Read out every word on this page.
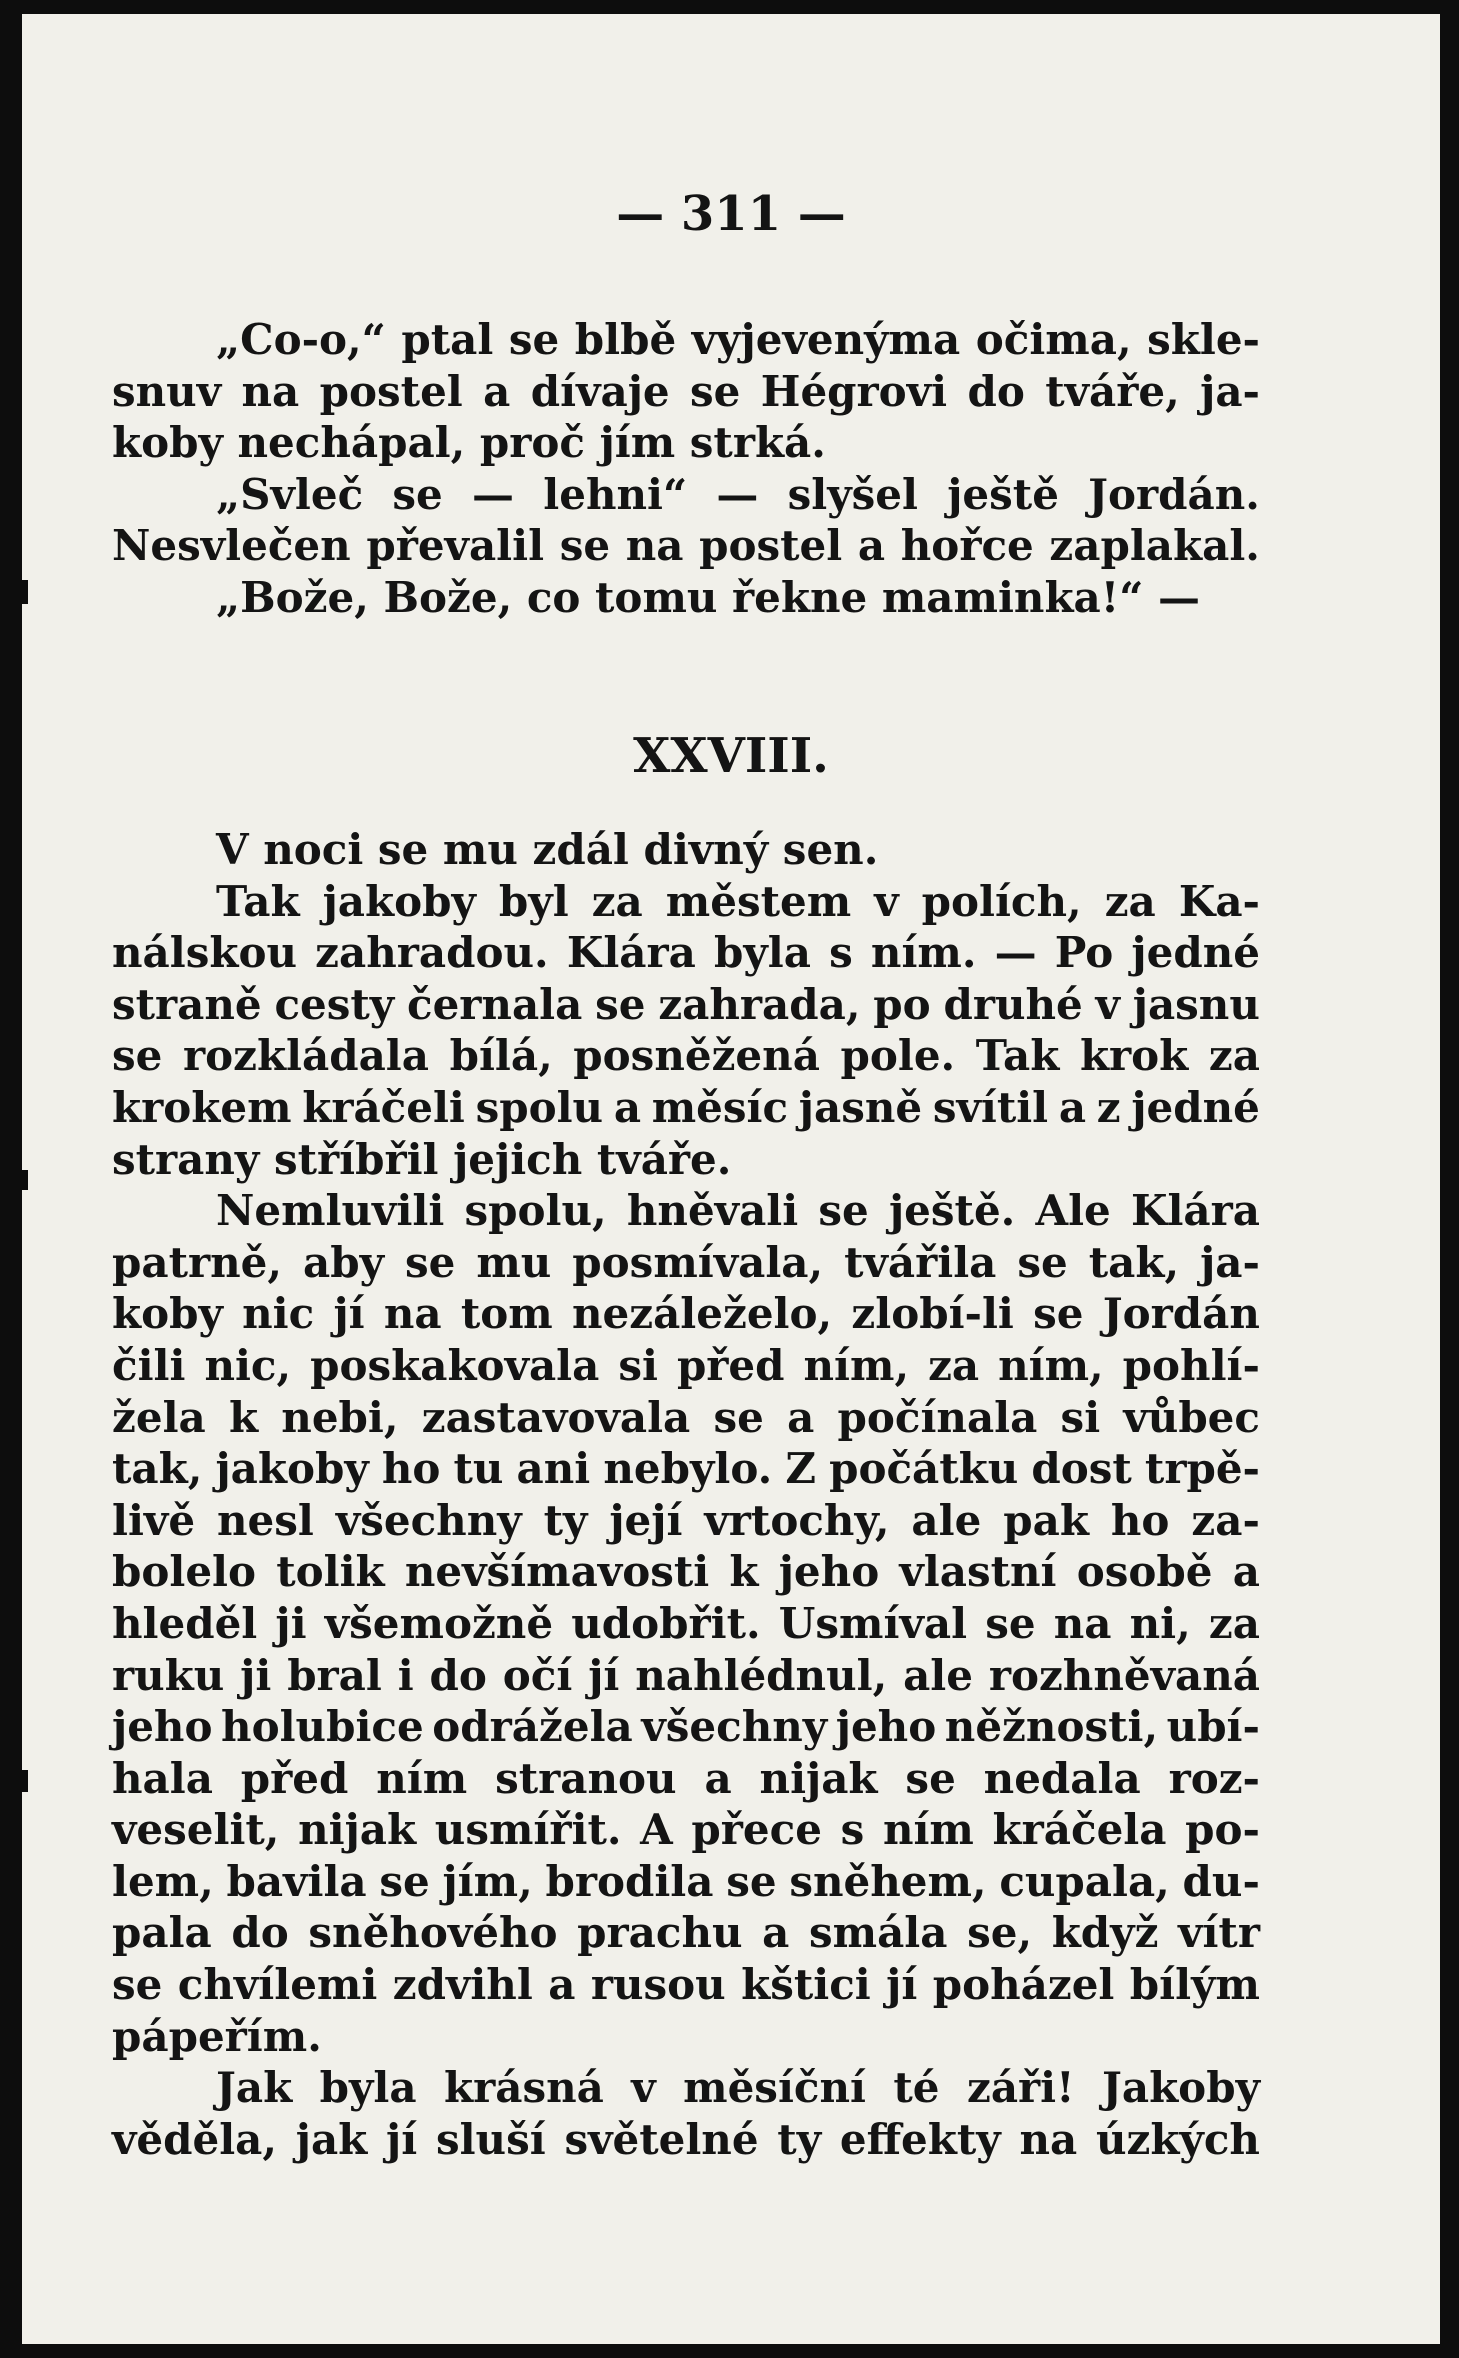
— 311 —
„Co-o,“ ptal se blbě vyjevenýma očima, skle-
snuv na postel a dívaje se Hégrovi do tváře, ja-
koby nechápal, proč jím strká.
„Svleč se — lehni“ — slyšel ještě Jordán.
Nesvlečen převalil se na postel a hořce zaplakal.
„Bože, Bože, co tomu řekne maminka!“ —
XXVIII.
V noci se mu zdál divný sen.
Tak jakoby byl za městem v polích, za Ka-
nálskou zahradou. Klára byla s ním. — Po jedné
straně cesty černala se zahrada, po druhé v jasnu
se rozkládala bílá, posněžená pole. Tak krok za
krokem kráčeli spolu a měsíc jasně svítil a z jedné
strany stříbřil jejich tváře.
Nemluvili spolu, hněvali se ještě. Ale Klára
patrně, aby se mu posmívala, tvářila se tak, ja-
koby nic jí na tom nezáleželo, zlobí-li se Jordán
čili nic, poskakovala si před ním, za ním, pohlí-
žela k nebi, zastavovala se a počínala si vůbec
tak, jakoby ho tu ani nebylo. Z počátku dost trpě-
livě nesl všechny ty její vrtochy, ale pak ho za-
bolelo tolik nevšímavosti k jeho vlastní osobě a
hleděl ji všemožně udobřit. Usmíval se na ni, za
ruku ji bral i do očí jí nahlédnul, ale rozhněvaná
jeho holubice odrážela všechny jeho něžnosti, ubí-
hala před ním stranou a nijak se nedala roz-
veselit, nijak usmířit. A přece s ním kráčela po-
lem, bavila se jím, brodila se sněhem, cupala, du-
pala do sněhového prachu a smála se, když vítr
se chvílemi zdvihl a rusou kštici jí poházel bílým
pápeřím.
Jak byla krásná v měsíční té záři! Jakoby
věděla, jak jí sluší světelné ty effekty na úzkých
